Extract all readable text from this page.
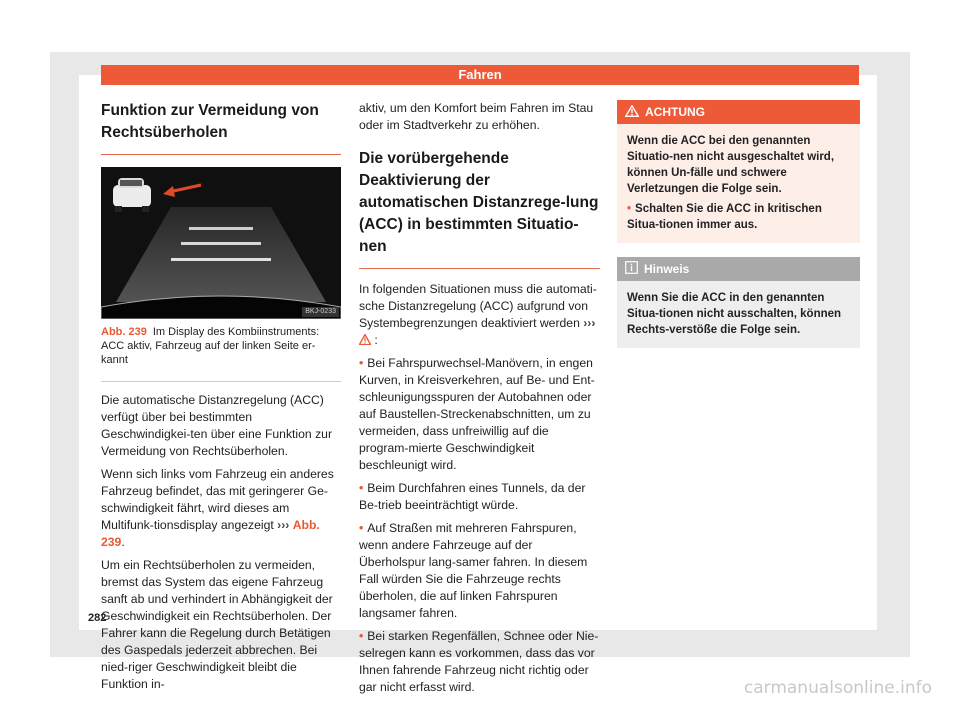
Fahren
Funktion zur Vermeidung von Rechtsüberholen
BKJ-0233
Abb. 239 Im Display des Kombiinstruments: ACC aktiv, Fahrzeug auf der linken Seite er-kannt

Die automatische Distanzregelung (ACC) verfügt über bei bestimmten Geschwindigkei-ten über eine Funktion zur Vermeidung von Rechtsüberholen.

Wenn sich links vom Fahrzeug ein anderes Fahrzeug befindet, das mit geringerer Ge-schwindigkeit fährt, wird dieses am Multifunk-tionsdisplay angezeigt ››› Abb. 239.

Um ein Rechtsüberholen zu vermeiden, bremst das System das eigene Fahrzeug sanft ab und verhindert in Abhängigkeit der Geschwindigkeit ein Rechtsüberholen. Der Fahrer kann die Regelung durch Betätigen des Gaspedals jederzeit abbrechen. Bei nied-riger Geschwindigkeit bleibt die Funktion in-

aktiv, um den Komfort beim Fahren im Stau oder im Stadtverkehr zu erhöhen.

Die vorübergehende Deaktivierung der automatischen Distanzrege-lung (ACC) in bestimmten Situatio-nen

In folgenden Situationen muss die automati-sche Distanzregelung (ACC) aufgrund von Systembegrenzungen deaktiviert werden ›››  :

• Bei Fahrspurwechsel-Manövern, in engen Kurven, in Kreisverkehren, auf Be- und Ent-schleunigungsspuren der Autobahnen oder auf Baustellen-Streckenabschnitten, um zu vermeiden, dass unfreiwillig auf die program-mierte Geschwindigkeit beschleunigt wird.

• Beim Durchfahren eines Tunnels, da der Be-trieb beeinträchtigt würde.

• Auf Straßen mit mehreren Fahrspuren, wenn andere Fahrzeuge auf der Überholspur lang-samer fahren. In diesem Fall würden Sie die Fahrzeuge rechts überholen, die auf linken Fahrspuren langsamer fahren.

• Bei starken Regenfällen, Schnee oder Nie-selregen kann es vorkommen, dass das vor Ihnen fahrende Fahrzeug nicht richtig oder gar nicht erfasst wird.

ACHTUNG
Wenn die ACC bei den genannten Situatio-nen nicht ausgeschaltet wird, können Un-fälle und schwere Verletzungen die Folge sein.
• Schalten Sie die ACC in kritischen Situa-tionen immer aus.
Hinweis
Wenn Sie die ACC in den genannten Situa-tionen nicht ausschalten, können Rechts-verstöße die Folge sein.
282
carmanualsonline.info
